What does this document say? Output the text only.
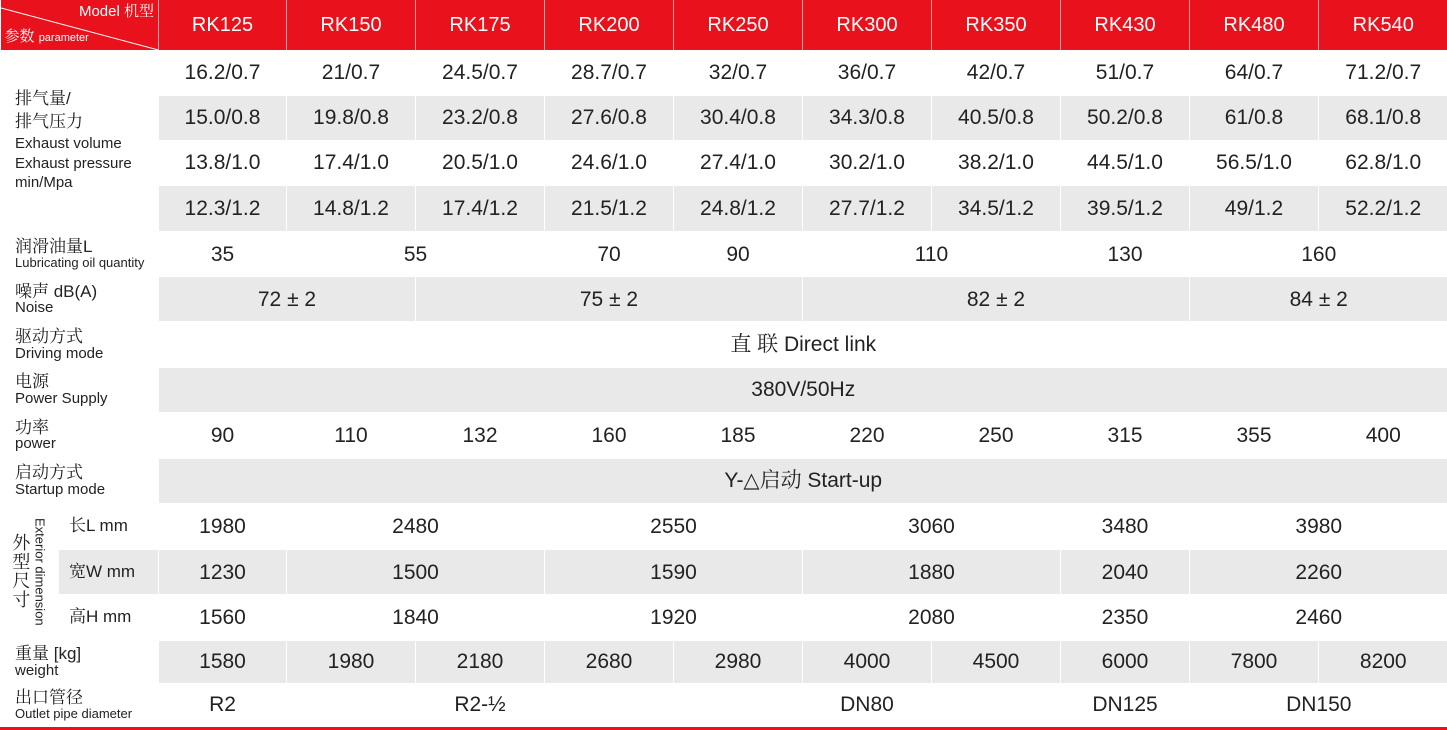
Model 机型
参数 parameter		RK125	RK150	RK175	RK200	RK250	RK300	RK350	RK430	RK480	RK540

排气量/
排气压力
Exhaust volume
Exhaust pressure
min/Mpa		16.2/0.7	21/0.7	24.5/0.7	28.7/0.7	32/0.7	36/0.7	42/0.7	51/0.7	64/0.7	71.2/0.7
		15.0/0.8	19.8/0.8	23.2/0.8	27.6/0.8	30.4/0.8	34.3/0.8	40.5/0.8	50.2/0.8	61/0.8	68.1/0.8
		13.8/1.0	17.4/1.0	20.5/1.0	24.6/1.0	27.4/1.0	30.2/1.0	38.2/1.0	44.5/1.0	56.5/1.0	62.8/1.0
		12.3/1.2	14.8/1.2	17.4/1.2	21.5/1.2	24.8/1.2	27.7/1.2	34.5/1.2	39.5/1.2	49/1.2	52.2/1.2

润滑油量L
Lubricating oil quantity		35	55		70	90	110		130	160	

噪声 dB(A)
Noise		72 ± 2		75 ± 2			82 ± 2			84 ± 2	

驱动方式
Driving mode		直 联 Direct link									

电源
Power Supply		380V/50Hz									

功率
power		90	110	132	160	185	220	250	315	355	400

启动方式
Startup mode		Y-△启动 Start-up									

外
型
尺
寸 Exterior dimension	长L mm	1980	2480		2550		3060		3480	3980	
	宽W mm	1230	1500		1590		1880		2040	2260	
	高H mm	1560	1840		1920		2080		2350	2460	

重量 [kg]
weight		1580	1980	2180	2680	2980	4000	4500	6000	7800	8200

出口管径
Outlet pipe diameter		R2	R2-½			DN80			DN125	DN150	
